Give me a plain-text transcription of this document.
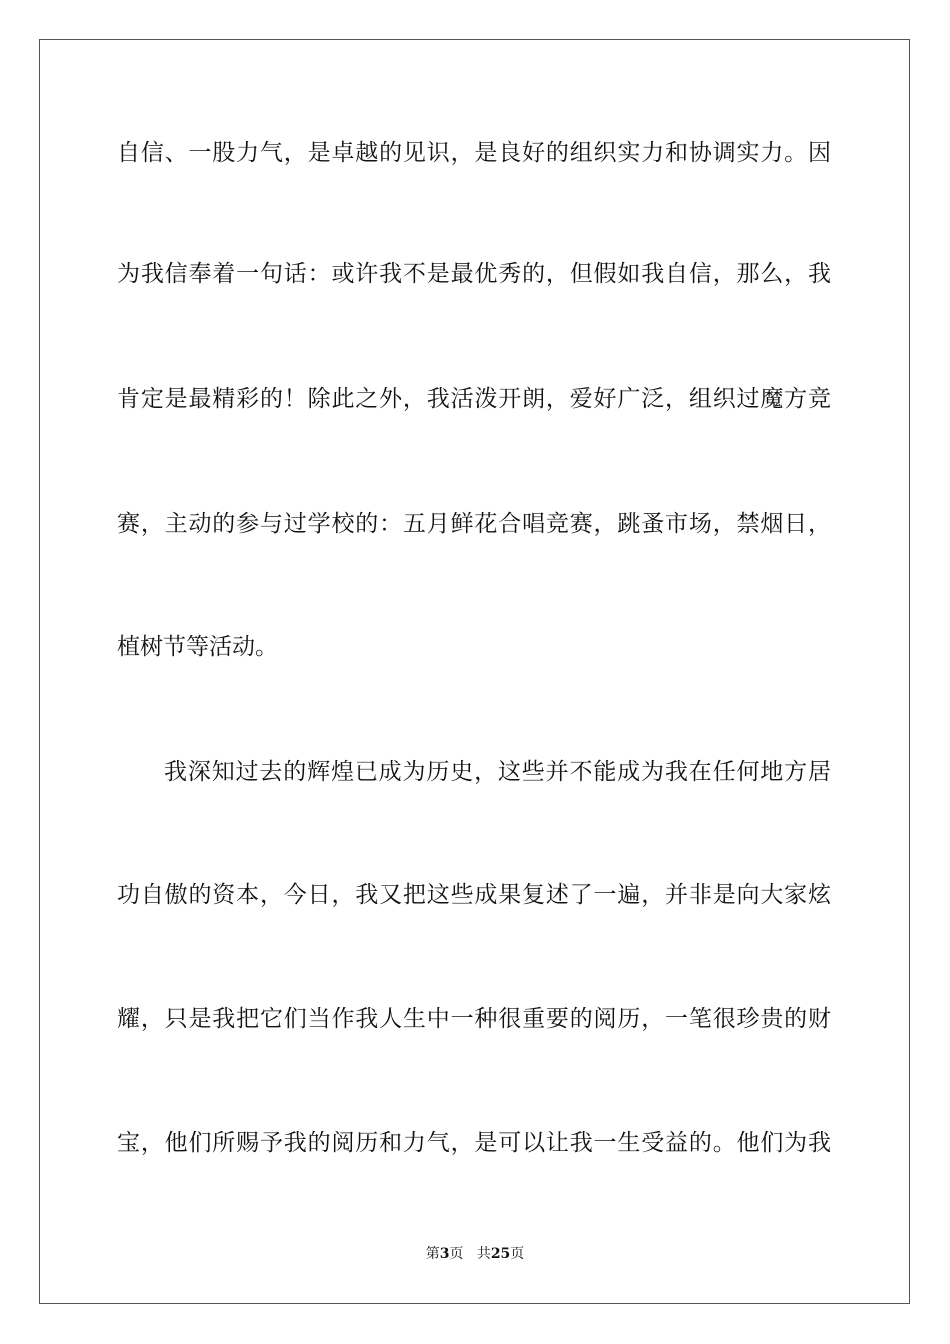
自信、一股力气，是卓越的见识，是良好的组织实力和协调实力。因
为我信奉着一句话：或许我不是最优秀的，但假如我自信，那么，我
肯定是最精彩的！除此之外，我活泼开朗，爱好广泛，组织过魔方竞
赛，主动的参与过学校的：五月鲜花合唱竞赛，跳蚤市场，禁烟日，
植树节等活动。
我深知过去的辉煌已成为历史，这些并不能成为我在任何地方居
功自傲的资本，今日，我又把这些成果复述了一遍，并非是向大家炫
耀，只是我把它们当作我人生中一种很重要的阅历，一笔很珍贵的财
宝，他们所赐予我的阅历和力气，是可以让我一生受益的。他们为我
第3页 共25页
